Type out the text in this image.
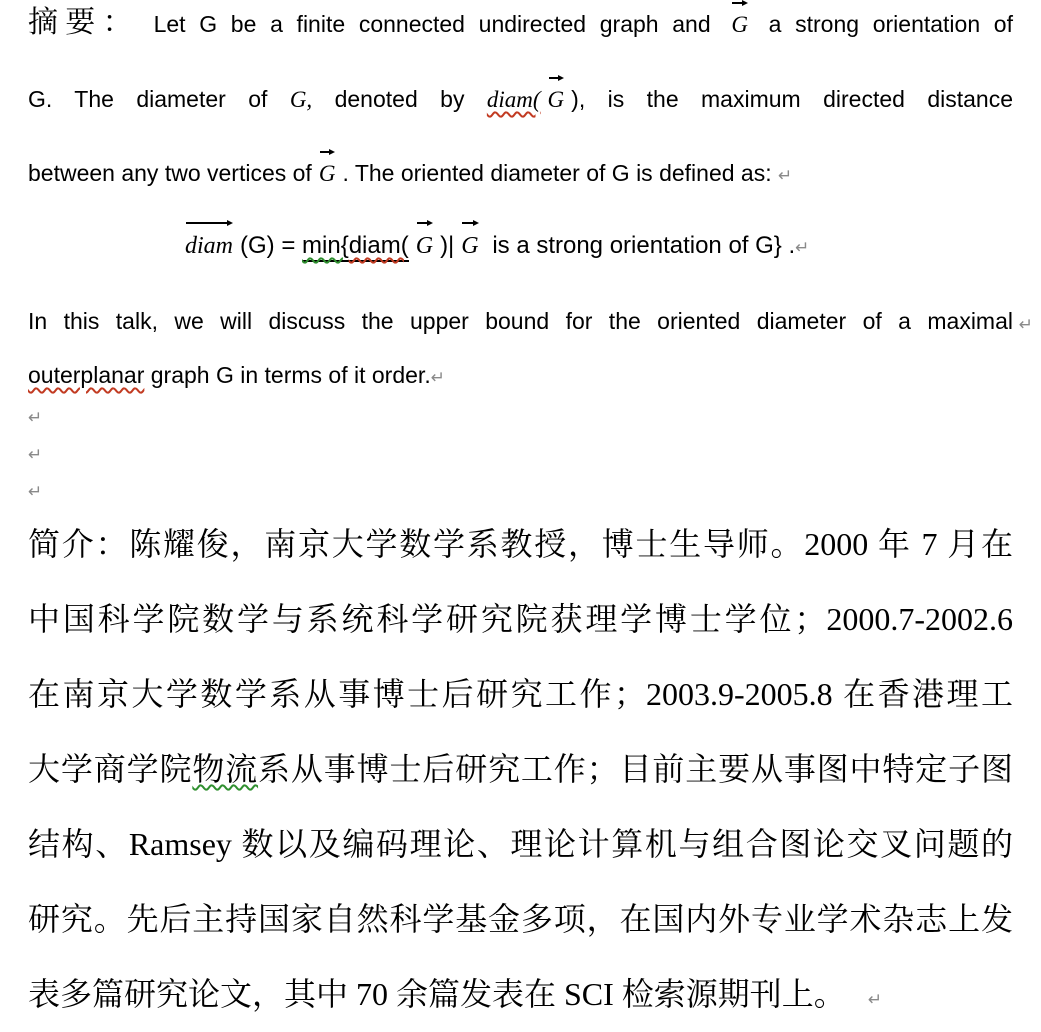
摘要： Let G be a finite connected undirected graph and G a strong orientation of
G. The diameter of G, denoted by diam( G ), is the maximum directed distance
between any two vertices of G . The oriented diameter of G is defined as: ↵
diam (G) = min{diam( G )| G is a strong orientation of G} .↵
In this talk, we will discuss the upper bound for the oriented diameter of a maximal ↵
outerplanar graph G in terms of it order.↵
↵
↵
↵
简介：陈耀俊，南京大学数学系教授，博士生导师。2000 年 7 月在
中国科学院数学与系统科学研究院获理学博士学位；2000.7-2002.6
在南京大学数学系从事博士后研究工作；2003.9-2005.8 在香港理工
大学商学院物流系从事博士后研究工作；目前主要从事图中特定子图
结构、Ramsey 数以及编码理论、理论计算机与组合图论交叉问题的
研究。先后主持国家自然科学基金多项，在国内外专业学术杂志上发
表多篇研究论文，其中 70 余篇发表在 SCI 检索源期刊上。 ↵
